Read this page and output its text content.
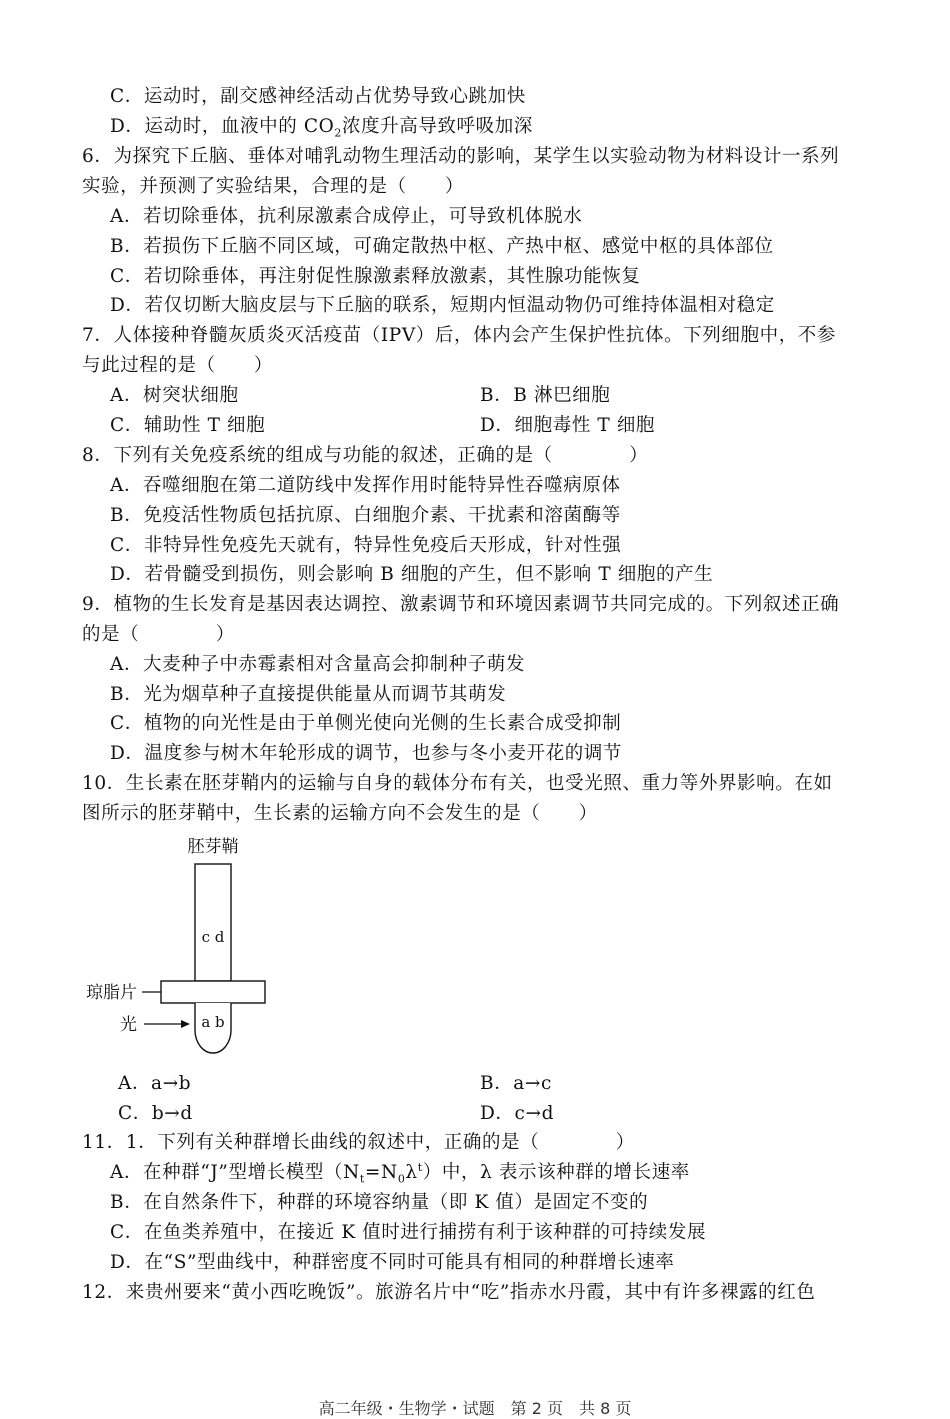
C．运动时，副交感神经活动占优势导致心跳加快
D．运动时，血液中的 $CO_2$浓度升高导致呼吸加深
6．为探究下丘脑、垂体对哺乳动物生理活动的影响，某学生以实验动物为材料设计一系列
实验，并预测了实验结果，合理的是（　　）
A．若切除垂体，抗利尿激素合成停止，可导致机体脱水
B．若损伤下丘脑不同区域，可确定散热中枢、产热中枢、感觉中枢的具体部位
C．若切除垂体，再注射促性腺激素释放激素，其性腺功能恢复
D．若仅切断大脑皮层与下丘脑的联系，短期内恒温动物仍可维持体温相对稳定
7．人体接种脊髓灰质炎灭活疫苗（IPV）后，体内会产生保护性抗体。下列细胞中，不参
与此过程的是（　　）
A．树突状细胞	B．B 淋巴细胞
C．辅助性 T 细胞	D．细胞毒性 T 细胞
8．下列有关免疫系统的组成与功能的叙述，正确的是（　　　　）
A．吞噬细胞在第二道防线中发挥作用时能特异性吞噬病原体
B．免疫活性物质包括抗原、白细胞介素、干扰素和溶菌酶等
C．非特异性免疫先天就有，特异性免疫后天形成，针对性强
D．若骨髓受到损伤，则会影响 B 细胞的产生，但不影响 T 细胞的产生
9．植物的生长发育是基因表达调控、激素调节和环境因素调节共同完成的。下列叙述正确
的是（　　　　）
A．大麦种子中赤霉素相对含量高会抑制种子萌发
B．光为烟草种子直接提供能量从而调节其萌发
C．植物的向光性是由于单侧光使向光侧的生长素合成受抑制
D．温度参与树木年轮形成的调节，也参与冬小麦开花的调节
10．生长素在胚芽鞘内的运输与自身的载体分布有关，也受光照、重力等外界影响。在如
图所示的胚芽鞘中，生长素的运输方向不会发生的是（　　）
胚芽鞘
c d
a b
琼脂片
光
A．a→b	B．a→c
C．b→d	D．c→d
11．1．下列有关种群增长曲线的叙述中，正确的是（　　　　）
A．在种群“J”型增长模型$(N_t=N_0\lambda^t)$中，λ 表示该种群的增长速率
B．在自然条件下，种群的环境容纳量（即 K 值）是固定不变的
C．在鱼类养殖中，在接近 K 值时进行捕捞有利于该种群的可持续发展
D．在“S”型曲线中，种群密度不同时可能具有相同的种群增长速率
12．来贵州要来“黄小西吃晚饭”。旅游名片中“吃”指赤水丹霞，其中有许多裸露的红色
高二年级・生物学・试题　第 2 页　共 8 页
